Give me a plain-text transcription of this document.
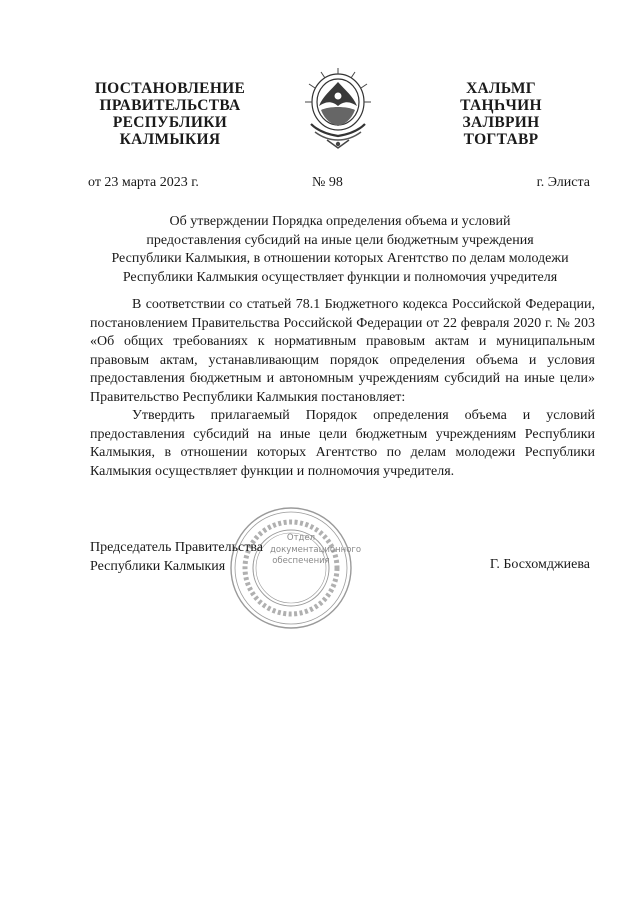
ПОСТАНОВЛЕНИЕ
ПРАВИТЕЛЬСТВА
РЕСПУБЛИКИ
КАЛМЫКИЯ
ХАЛЬМГ
ТАҢҺЧИН
ЗАЛВРИН
ТОГТАВР
от 23 марта 2023 г.	№ 98	г. Элиста
Об утверждении Порядка определения объема и условий
предоставления субсидий на иные цели бюджетным учреждения
Республики Калмыкия, в отношении которых Агентство по делам молодежи
Республики Калмыкия осуществляет функции и полномочия учредителя

В соответствии со статьей 78.1 Бюджетного кодекса Российской Федерации, постановлением Правительства Российской Федерации от 22 февраля 2020 г. № 203 «Об общих требованиях к нормативным правовым актам и муниципальным правовым актам, устанавливающим порядок определения объема и условия предоставления бюджетным и автономным учреждениям субсидий на иные цели» Правительство Республики Калмыкия постановляет:

Утвердить прилагаемый Порядок определения объема и условий предоставления субсидий на иные цели бюджетным учреждениям Республики Калмыкия, в отношении которых Агентство по делам молодежи Республики Калмыкия осуществляет функции и полномочия учредителя.

Отдел
документационного
обеспечения
Председатель Правительства
Республики Калмыкия	Г. Босхомджиева
